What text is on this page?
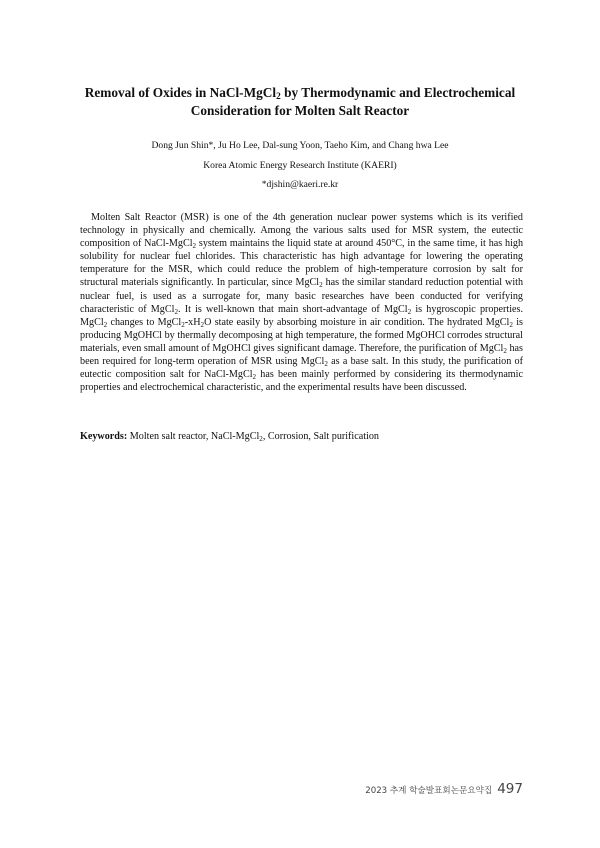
Removal of Oxides in NaCl-MgCl$_2$ by Thermodynamic and Electrochemical
Consideration for Molten Salt Reactor
Dong Jun Shin*, Ju Ho Lee, Dal-sung Yoon, Taeho Kim, and Chang hwa Lee
Korea Atomic Energy Research Institute (KAERI)
*djshin@kaeri.re.kr

Molten Salt Reactor (MSR) is one of the 4th generation nuclear power systems which is its verified technology in physically and chemically. Among the various salts used for MSR system, the eutectic composition of NaCl-MgCl$_2$ system maintains the liquid state at around 450°C, in the same time, it has high solubility for nuclear fuel chlorides. This characteristic has high advantage for lowering the operating temperature for the MSR, which could reduce the problem of high-temperature corrosion by salt for structural materials significantly. In particular, since MgCl$_2$ has the similar standard reduction potential with nuclear fuel, is used as a surrogate for, many basic researches have been conducted for verifying characteristic of MgCl$_2$. It is well-known that main short-advantage of MgCl$_2$ is hygroscopic properties. MgCl$_2$ changes to $MgCl_2-xH_2O$ state easily by absorbing moisture in air condition. The hydrated MgCl$_2$ is producing MgOHCl by thermally decomposing at high temperature, the formed MgOHCl corrodes structural materials, even small amount of MgOHCl gives significant damage. Therefore, the purification of MgCl$_2$ has been required for long-term operation of MSR using MgCl$_2$ as a base salt. In this study, the purification of eutectic composition salt for NaCl-MgCl$_2$ has been mainly performed by considering its thermodynamic properties and electrochemical characteristic, and the experimental results have been discussed.

Keywords: Molten salt reactor, NaCl-MgCl$_2$, Corrosion, Salt purification
2023 추계 학술발표회논문요약집 497
